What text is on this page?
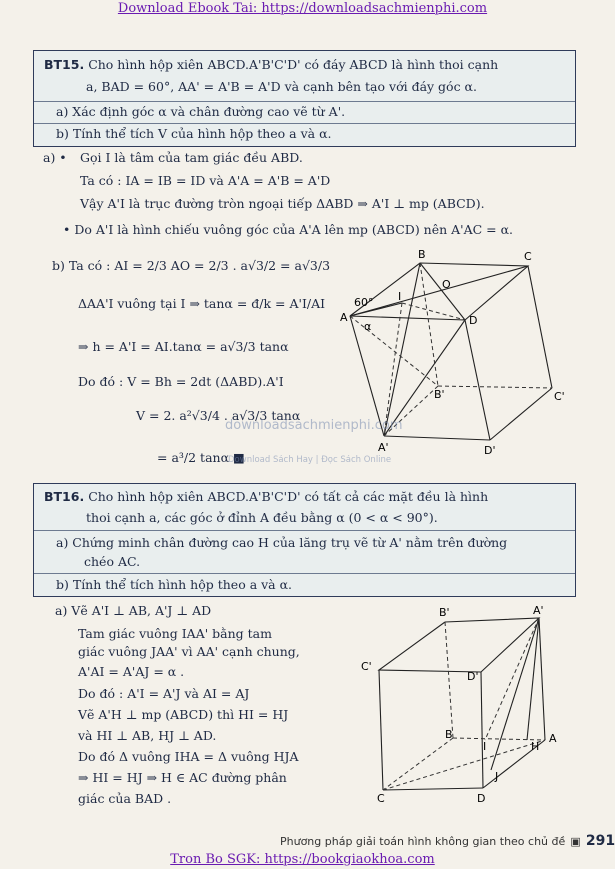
Download Ebook Tai: https://downloadsachmienphi.com
BT15. Cho hình hộp xiên ABCD.A'B'C'D' có đáy ABCD là hình thoi cạnh
a, BAD = 60°, AA' = A'B = A'D và cạnh bên tạo với đáy góc α.
a) Xác định góc α và chân đường cao vẽ từ A'.
b) Tính thể tích V của hình hộp theo a và α.
a) • Gọi I là tâm của tam giác đều ABD.
Ta có : IA = IB = ID và A'A = A'B = A'D
Vậy A'I là trục đường tròn ngoại tiếp ΔABD ⇒ A'I ⊥ mp (ABCD).
• Do A'I là hình chiếu vuông góc của A'A lên mp (ABCD) nên A'AC = α.
b) Ta có : AI = 2/3 AO = 2/3 . a√3/2 = a√3/3
ΔAA'I vuông tại I ⇒ tanα = đ/k = A'I/AI
⇒ h = A'I = AI.tanα = a√3/3 tanα
Do đó : V = Bh = 2dt (ΔABD).A'I
V = 2. a²√3/4 . a√3/3 tanα
= a³/2 tanα ■
B	C
A	D
O
I
60°
α
B'	C'
A'	D'
downloadsachmienphi.com
Download Sách Hay | Đọc Sách Online
BT16. Cho hình hộp xiên ABCD.A'B'C'D' có tất cả các mặt đều là hình
thoi cạnh a, các góc ở đỉnh A đều bằng α (0 < α < 90°).
a) Chứng minh chân đường cao H của lăng trụ vẽ từ A' nằm trên đường
chéo AC.
b) Tính thể tích hình hộp theo a và α.
a) Vẽ A'I ⊥ AB, A'J ⊥ AD
Tam giác vuông IAA' bằng tam
giác vuông JAA' vì AA' cạnh chung,
A'AI = A'AJ = α .
Do đó : A'I = A'J và AI = AJ
Vẽ A'H ⊥ mp (ABCD) thì HI = HJ
và HI ⊥ AB, HJ ⊥ AD.
Do đó Δ vuông IHA = Δ vuông HJA
⇒ HI = HJ ⇒ H ∈ AC đường phân
giác của BAD .
B'	A'
C'
D'
B
I	H
A
J
C	D
Phương pháp giải toán hình không gian theo chủ đề ▣ 291
Tron Bo SGK: https://bookgiaokhoa.com
